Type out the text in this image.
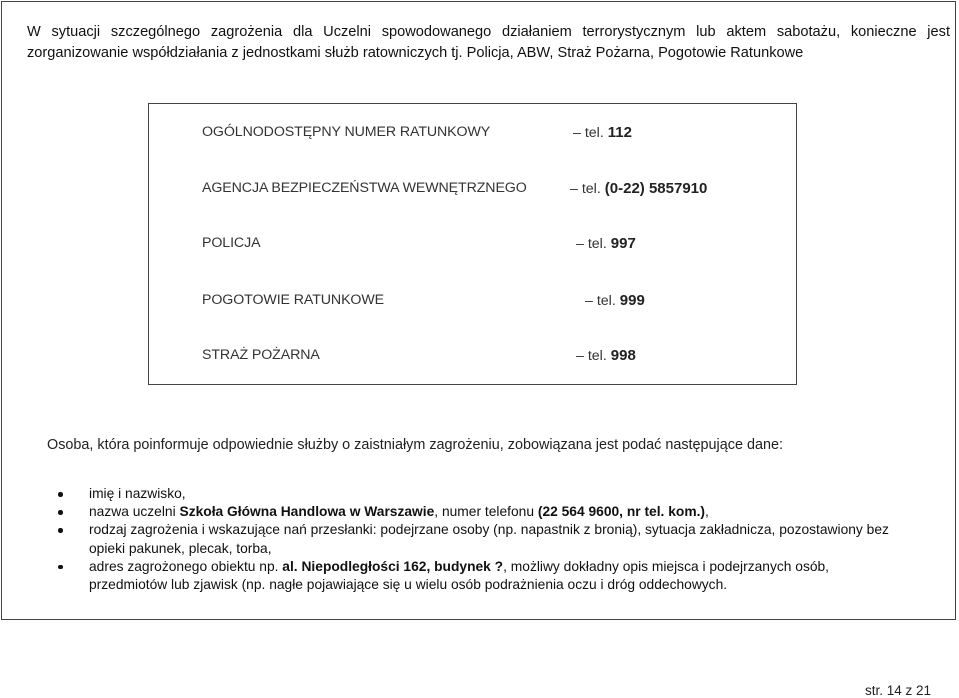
W sytuacji szczególnego zagrożenia dla Uczelni spowodowanego działaniem terrorystycznym lub aktem sabotażu, konieczne jest zorganizowanie współdziałania z jednostkami służb ratowniczych tj. Policja, ABW, Straż Pożarna, Pogotowie Ratunkowe
OGÓLNODOSTĘPNY NUMER RATUNKOWY	– tel. 112
AGENCJA BEZPIECZEŃSTWA WEWNĘTRZNEGO	– tel. (0-22) 5857910
POLICJA	– tel. 997
POGOTOWIE RATUNKOWE	– tel. 999
STRAŻ POŻARNA	– tel. 998
Osoba, która poinformuje odpowiednie służby o zaistniałym zagrożeniu, zobowiązana jest podać następujące dane:
imię i nazwisko,
nazwa uczelni Szkoła Główna Handlowa w Warszawie, numer telefonu (22 564 9600, nr tel. kom.),
rodzaj zagrożenia i wskazujące nań przesłanki: podejrzane osoby (np. napastnik z bronią), sytuacja zakładnicza, pozostawiony bez opieki pakunek, plecak, torba,
adres zagrożonego obiektu np. al. Niepodległości 162, budynek ?, możliwy dokładny opis miejsca i podejrzanych osób, przedmiotów lub zjawisk (np. nagłe pojawiające się u wielu osób podrażnienia oczu i dróg oddechowych.
str. 14 z 21
